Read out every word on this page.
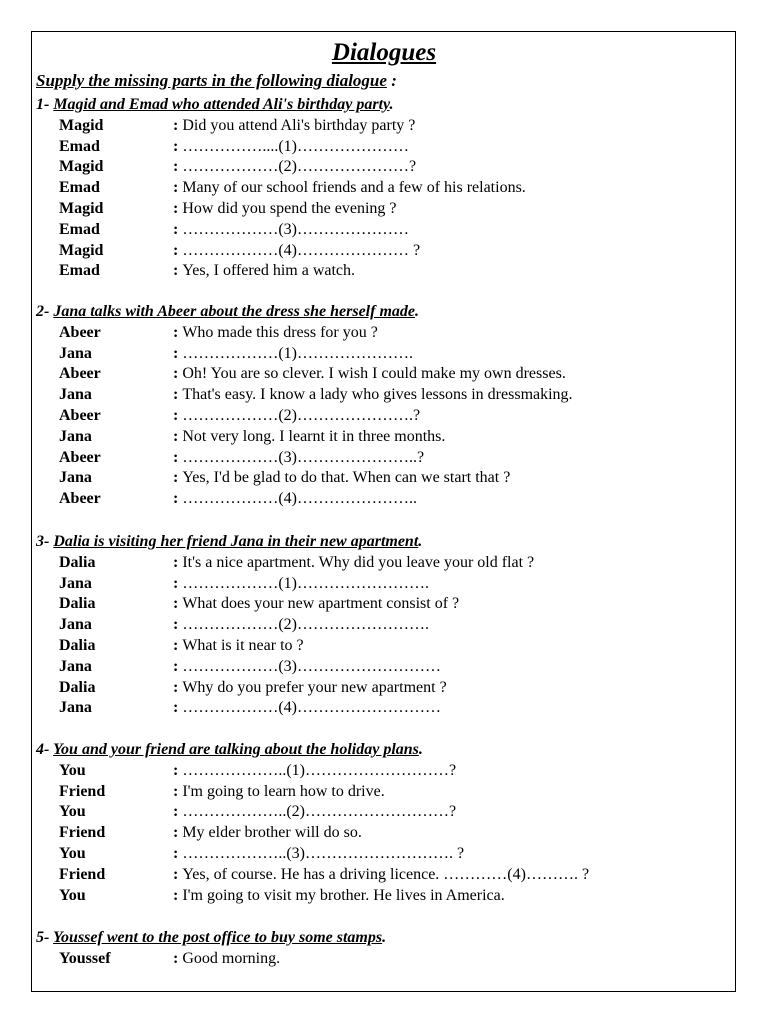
Dialogues
Supply the missing parts in the following dialogue :
1- Magid and Emad who attended Ali's birthday party.
Magid	: Did you attend Ali's birthday party ?
Emad	: ……………....(1)…………………
Magid	: ………………(2)…………………?
Emad	: Many of our school friends and a few of his relations.
Magid	: How did you spend the evening ?
Emad	: ………………(3)…………………
Magid	: ………………(4)………………… ?
Emad	: Yes, I offered him a watch.
2- Jana talks with Abeer about the dress she herself made.
Abeer	: Who made this dress for you ?
Jana	: ………………(1)………………….
Abeer	: Oh! You are so clever. I wish I could make my own dresses.
Jana	: That's easy. I know a lady who gives lessons in dressmaking.
Abeer	: ………………(2)………………….?
Jana	: Not very long. I learnt it in three months.
Abeer	: ………………(3)…………………..?
Jana	: Yes, I'd be glad to do that. When can we start that ?
Abeer	: ………………(4)…………………..
3- Dalia is visiting her friend Jana in their new apartment.
Dalia	: It's a nice apartment. Why did you leave your old flat ?
Jana	: ………………(1)…………………….
Dalia	: What does your new apartment consist of ?
Jana	: ………………(2)…………………….
Dalia	: What is it near to ?
Jana	: ………………(3)………………………
Dalia	: Why do you prefer your new apartment ?
Jana	: ………………(4)………………………
4- You and your friend are talking about the holiday plans.
You	: ………………..(1)………………………?
Friend	: I'm going to learn how to drive.
You	: ………………..(2)………………………?
Friend	: My elder brother will do so.
You	: ………………..(3)………………………. ?
Friend	: Yes, of course. He has a driving licence. …………(4)………. ?
You	: I'm going to visit my brother. He lives in America.
5- Youssef went to the post office to buy some stamps.
Youssef	: Good morning.
